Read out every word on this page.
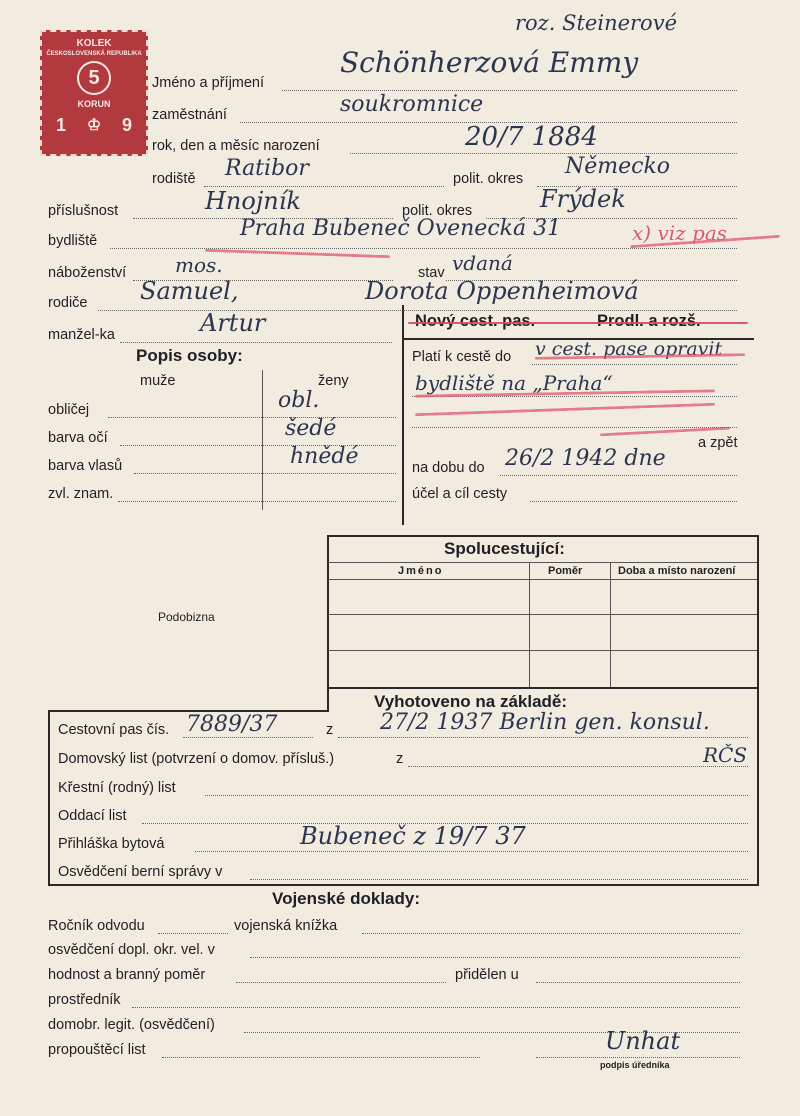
roz. Steinerové
KOLEK
ČESKOSLOVENSKÁ REPUBLIKA
5
KORUN
1 ♔ 9
Jméno a příjmení
Schönherzová Emmy
zaměstnání	soukromnice
rok, den a měsíc narození	20/7 1884
rodiště Ratibor	polit. okres Německo
příslušnost	Hnojník	polit. okres	Frýdek
bydliště	Praha Bubeneč Ovenecká 31	x) viz pas
náboženství mos.	stav vdaná
rodiče Samuel,	Dorota Oppenheimová
manžel-ka	Artur
Popis osoby:
muže	ženy
obličej	obl.
barva očí	šedé
barva vlasů	hnědé
zvl. znam.
Nový cest. pas.	Prodl. a rozš.
Platí k cestě do v cest. pase opravit
bydliště na „Praha“
a zpět
na dobu do 26/2 1942 dne
účel a cíl cesty
Podobizna
Spolucestující:
Jméno	Poměr	Doba a místo narození
Vyhotoveno na základě:
Cestovní pas čís. 7889/37	z 27/2 1937 Berlin gen. konsul.
Domovský list (potvrzení o domov. přísluš.)	z	RČS
Křestní (rodný) list
Oddací list
Přihláška bytová	Bubeneč z 19/7 37
Osvědčení berní správy v
Vojenské doklady:
Ročník odvodu	vojenská knížka
osvědčení dopl. okr. vel. v
hodnost a branný poměr	přidělen u
prostředník
domobr. legit. (osvědčení)
propouštěcí list	Unhat
podpis úředníka
